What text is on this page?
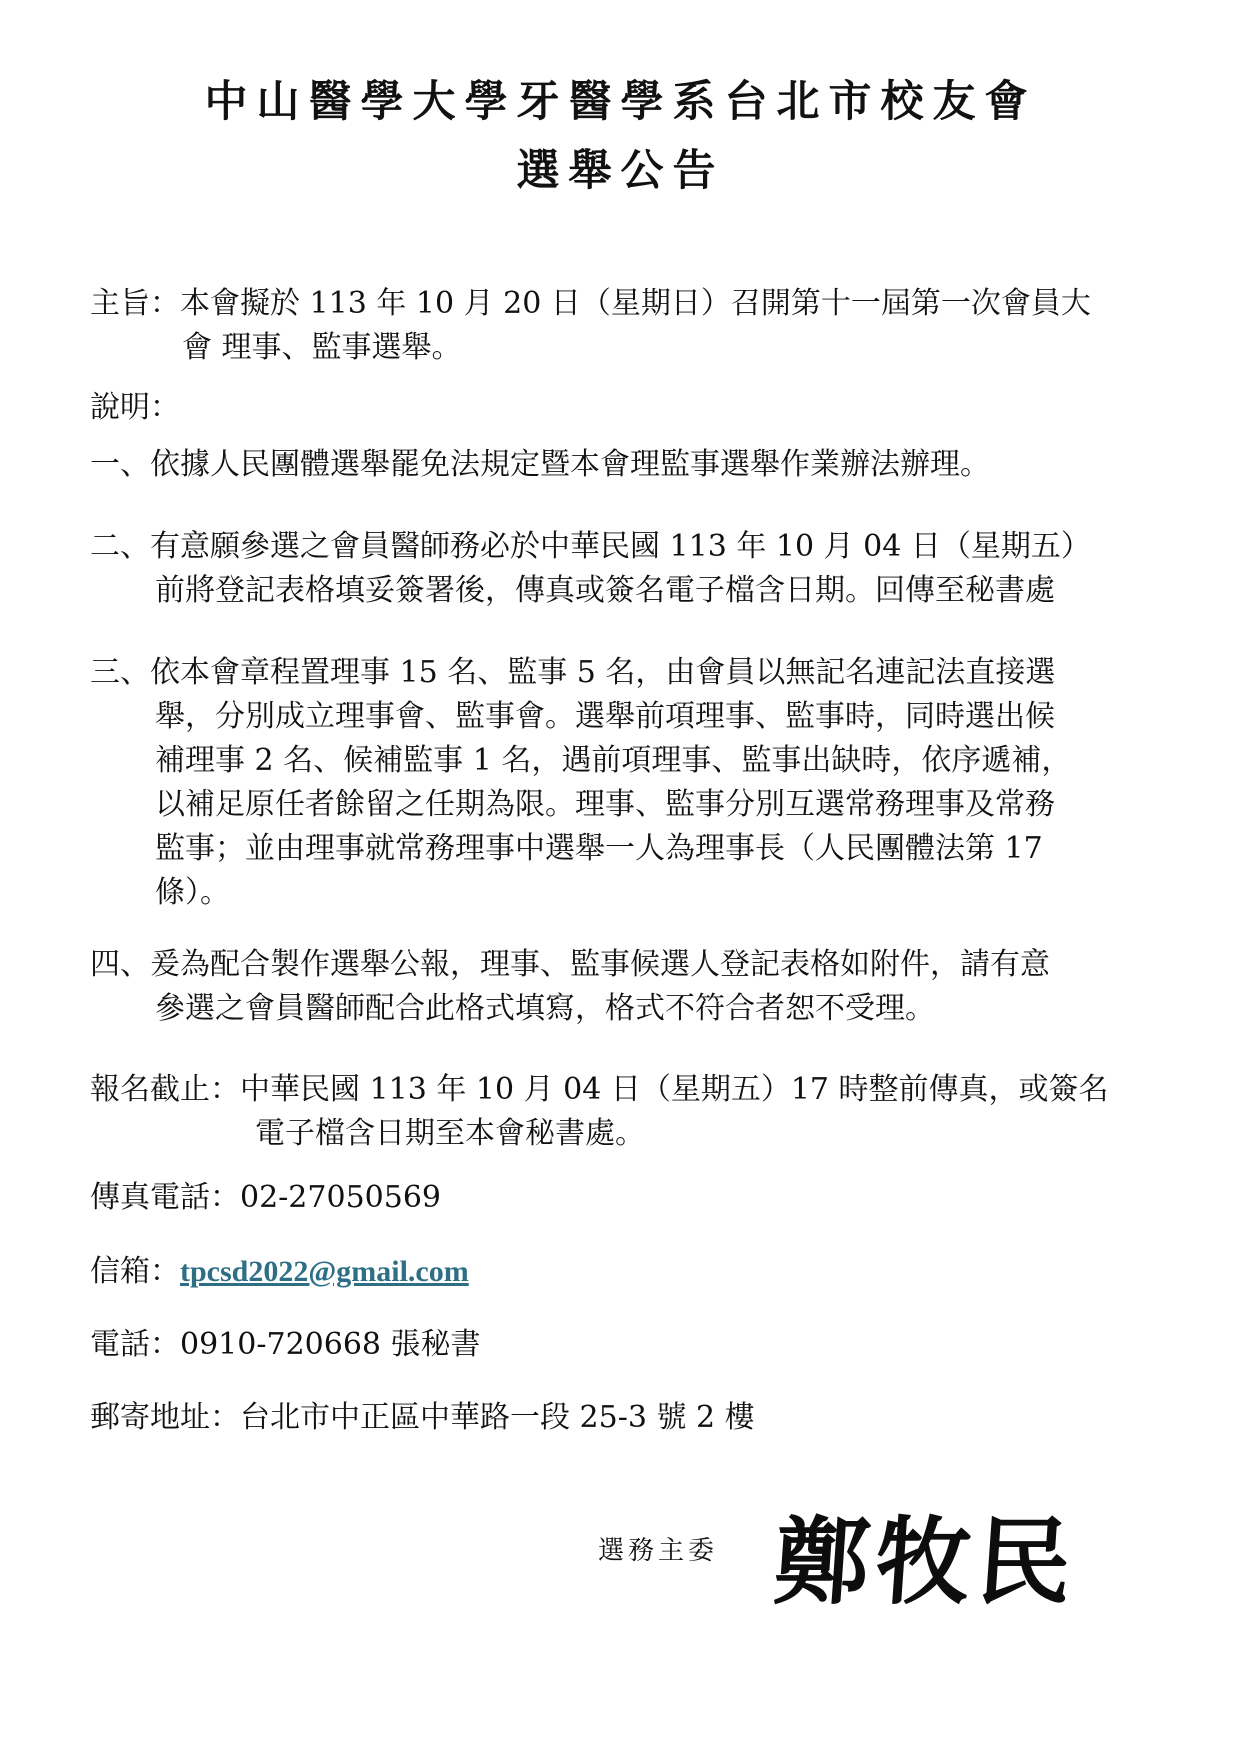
中山醫學大學牙醫學系台北市校友會
選舉公告
主旨：本會擬於 113 年 10 月 20 日（星期日）召開第十一屆第一次會員大
會 理事、監事選舉。
說明：
一、依據人民團體選舉罷免法規定暨本會理監事選舉作業辦法辦理。
二、有意願參選之會員醫師務必於中華民國 113 年 10 月 04 日（星期五）
前將登記表格填妥簽署後，傳真或簽名電子檔含日期。回傳至秘書處
三、依本會章程置理事 15 名、監事 5 名，由會員以無記名連記法直接選
舉，分別成立理事會、監事會。選舉前項理事、監事時，同時選出候
補理事 2 名、候補監事 1 名，遇前項理事、監事出缺時，依序遞補，
以補足原任者餘留之任期為限。理事、監事分別互選常務理事及常務
監事；並由理事就常務理事中選舉一人為理事長（人民團體法第 17
條）。
四、爰為配合製作選舉公報，理事、監事候選人登記表格如附件，請有意
參選之會員醫師配合此格式填寫，格式不符合者恕不受理。
報名截止：中華民國 113 年 10 月 04 日（星期五）17 時整前傳真，或簽名
電子檔含日期至本會秘書處。
傳真電話：02-27050569
信箱：tpcsd2022@gmail.com
電話：0910-720668 張秘書
郵寄地址：台北市中正區中華路一段 25-3 號 2 樓
選務主委 鄭牧民
